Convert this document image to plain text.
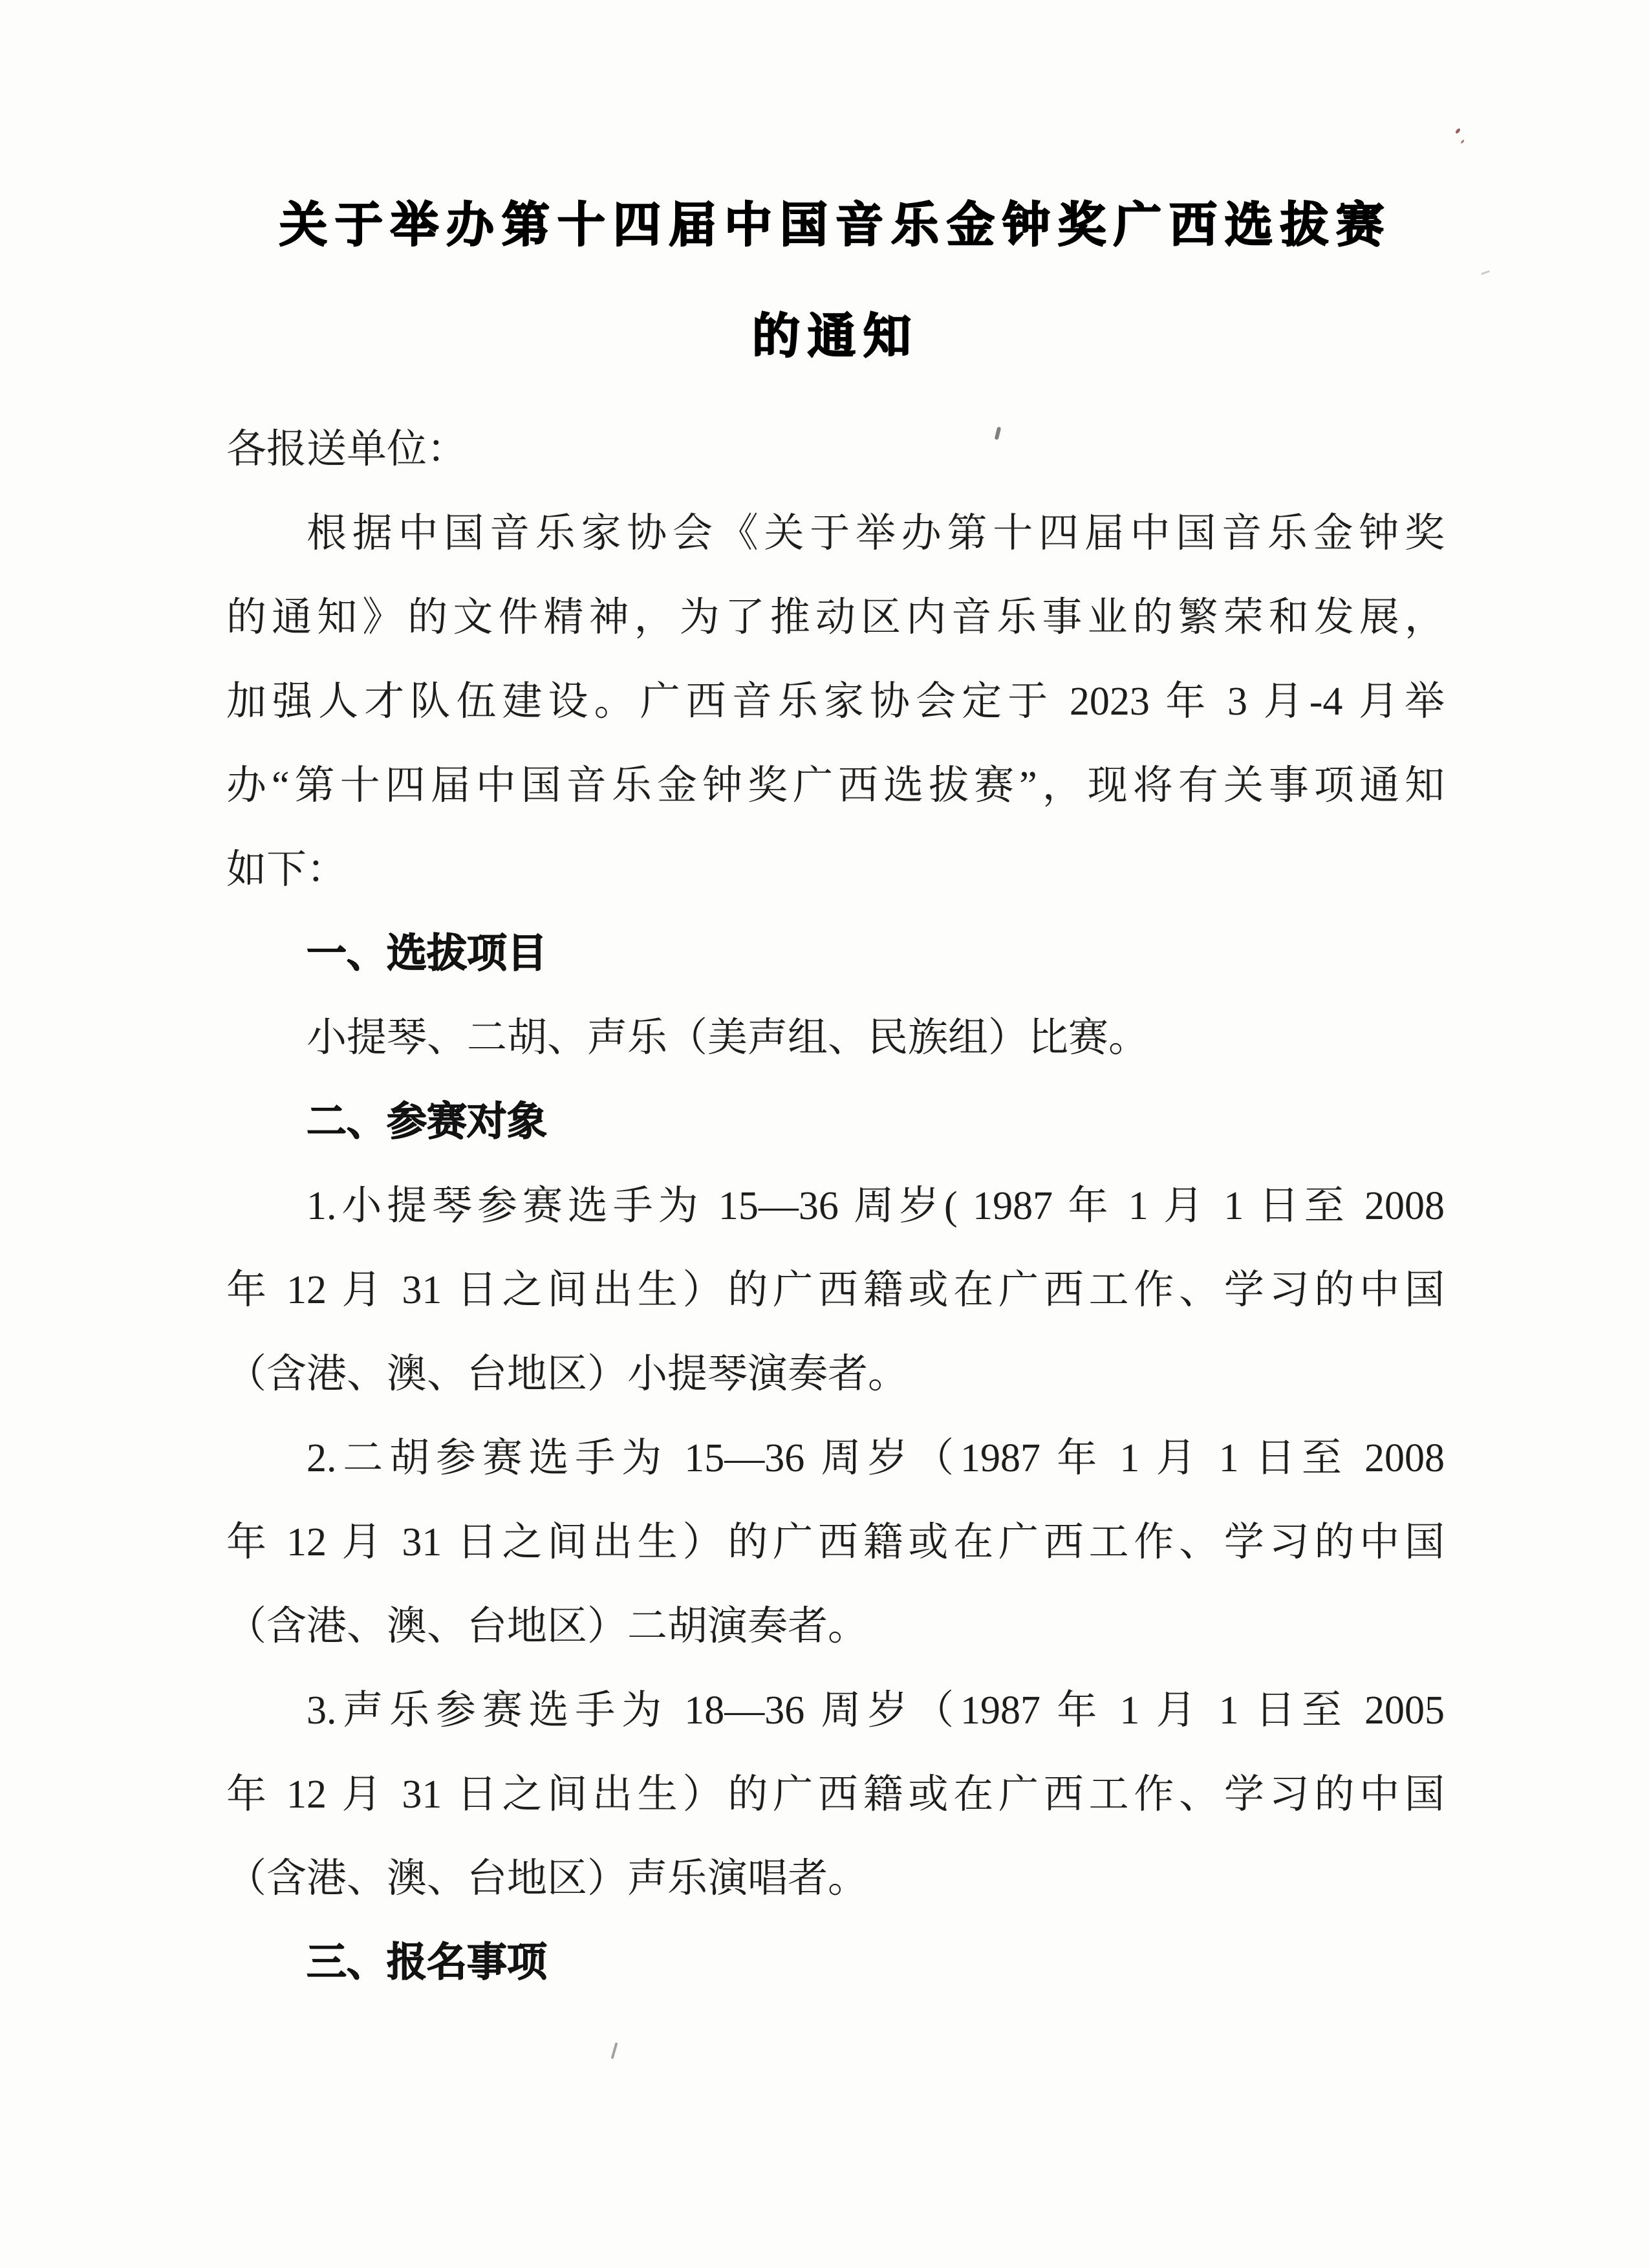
关于举办第十四届中国音乐金钟奖广西选拔赛
的通知
各报送单位：
根据中国音乐家协会《关于举办第十四届中国音乐金钟奖
的通知》的文件精神，为了推动区内音乐事业的繁荣和发展，
加强人才队伍建设。广西音乐家协会定于 2023 年 3 月-4 月举
办“第十四届中国音乐金钟奖广西选拔赛”，现将有关事项通知
如下：
一、选拔项目
小提琴、二胡、声乐（美声组、民族组）比赛。
二、参赛对象
1.小提琴参赛选手为 15—36 周岁( 1987 年 1 月 1 日至 2008
年 12 月 31 日之间出生）的广西籍或在广西工作、学习的中国
（含港、澳、台地区）小提琴演奏者。
2.二胡参赛选手为 15—36 周岁（1987 年 1 月 1 日至 2008
年 12 月 31 日之间出生）的广西籍或在广西工作、学习的中国
（含港、澳、台地区）二胡演奏者。
3.声乐参赛选手为 18—36 周岁（1987 年 1 月 1 日至 2005
年 12 月 31 日之间出生）的广西籍或在广西工作、学习的中国
（含港、澳、台地区）声乐演唱者。
三、报名事项
